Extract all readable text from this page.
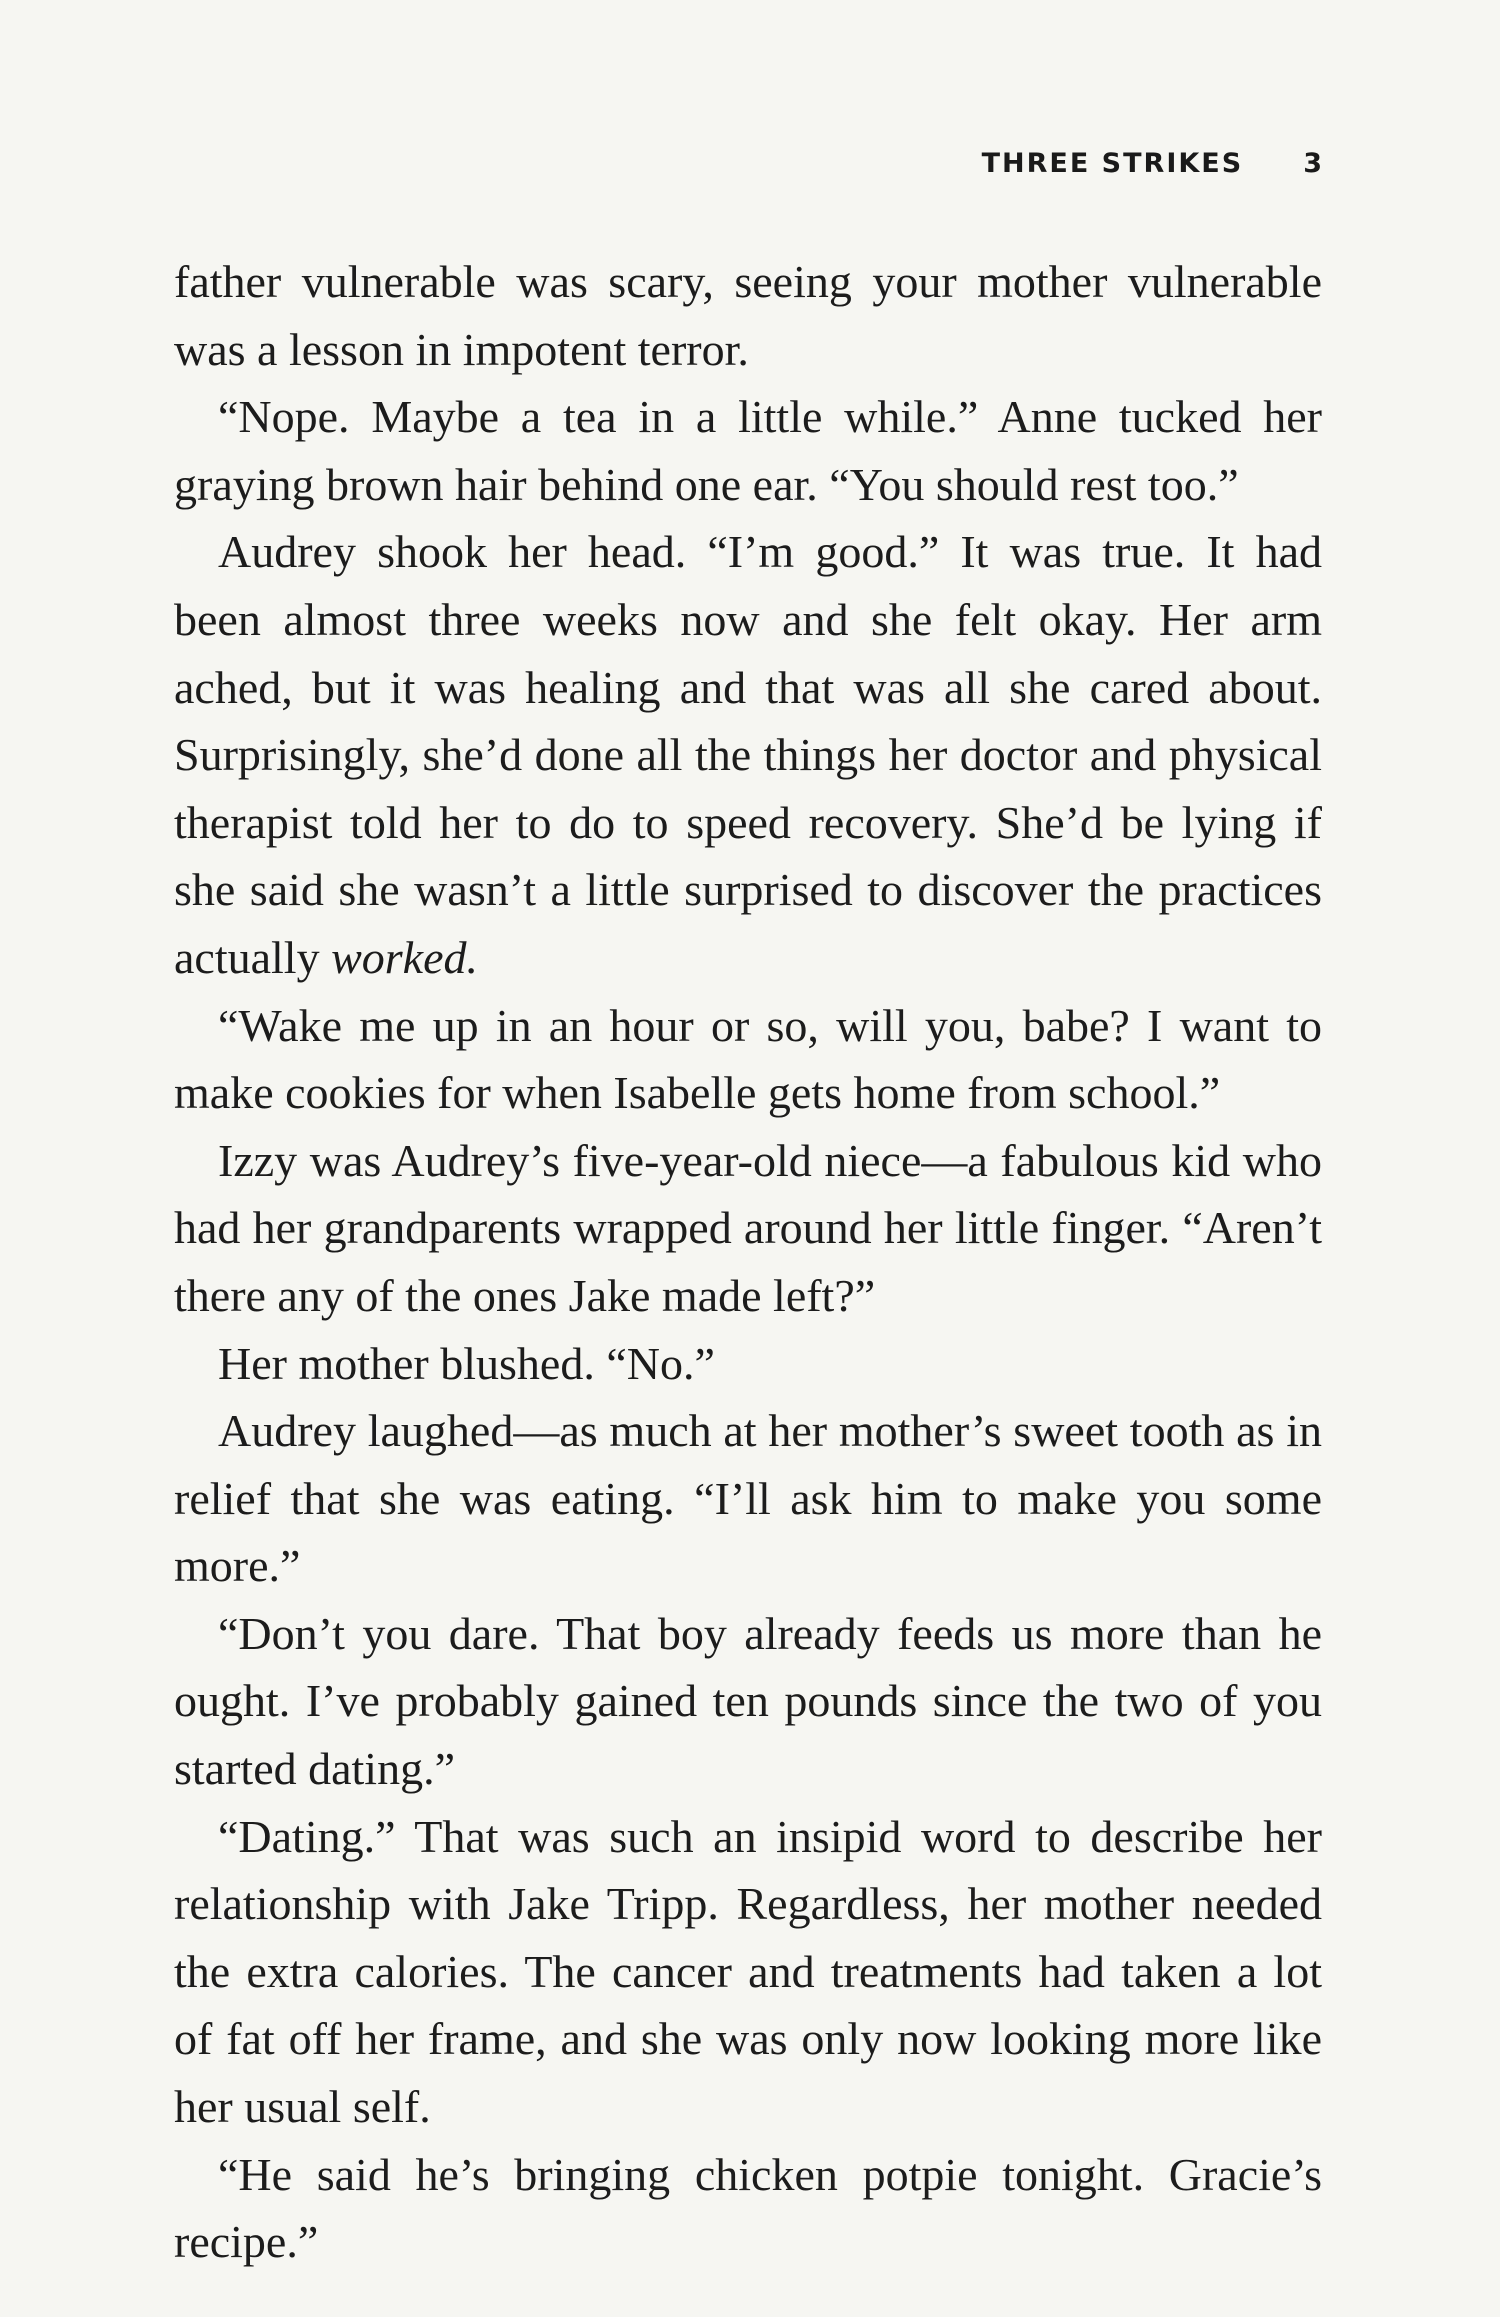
THREE STRIKES 3

father vulnerable was scary, seeing your mother vulnerable was a lesson in impotent terror.

“Nope. Maybe a tea in a little while.” Anne tucked her graying brown hair behind one ear. “You should rest too.”

Audrey shook her head. “I’m good.” It was true. It had been almost three weeks now and she felt okay. Her arm ached, but it was healing and that was all she cared about. Surprisingly, she’d done all the things her doctor and physical therapist told her to do to speed recovery. She’d be lying if she said she wasn’t a little surprised to discover the practices actually worked.

“Wake me up in an hour or so, will you, babe? I want to make cookies for when Isabelle gets home from school.”

Izzy was Audrey’s five-year-old niece—a fabulous kid who had her grandparents wrapped around her little finger. “Aren’t there any of the ones Jake made left?”

Her mother blushed. “No.”

Audrey laughed—as much at her mother’s sweet tooth as in relief that she was eating. “I’ll ask him to make you some more.”

“Don’t you dare. That boy already feeds us more than he ought. I’ve probably gained ten pounds since the two of you started dating.”

“Dating.” That was such an insipid word to describe her relationship with Jake Tripp. Regardless, her mother needed the extra calories. The cancer and treatments had taken a lot of fat off her frame, and she was only now looking more like her usual self.

“He said he’s bringing chicken potpie tonight. Gracie’s recipe.”
